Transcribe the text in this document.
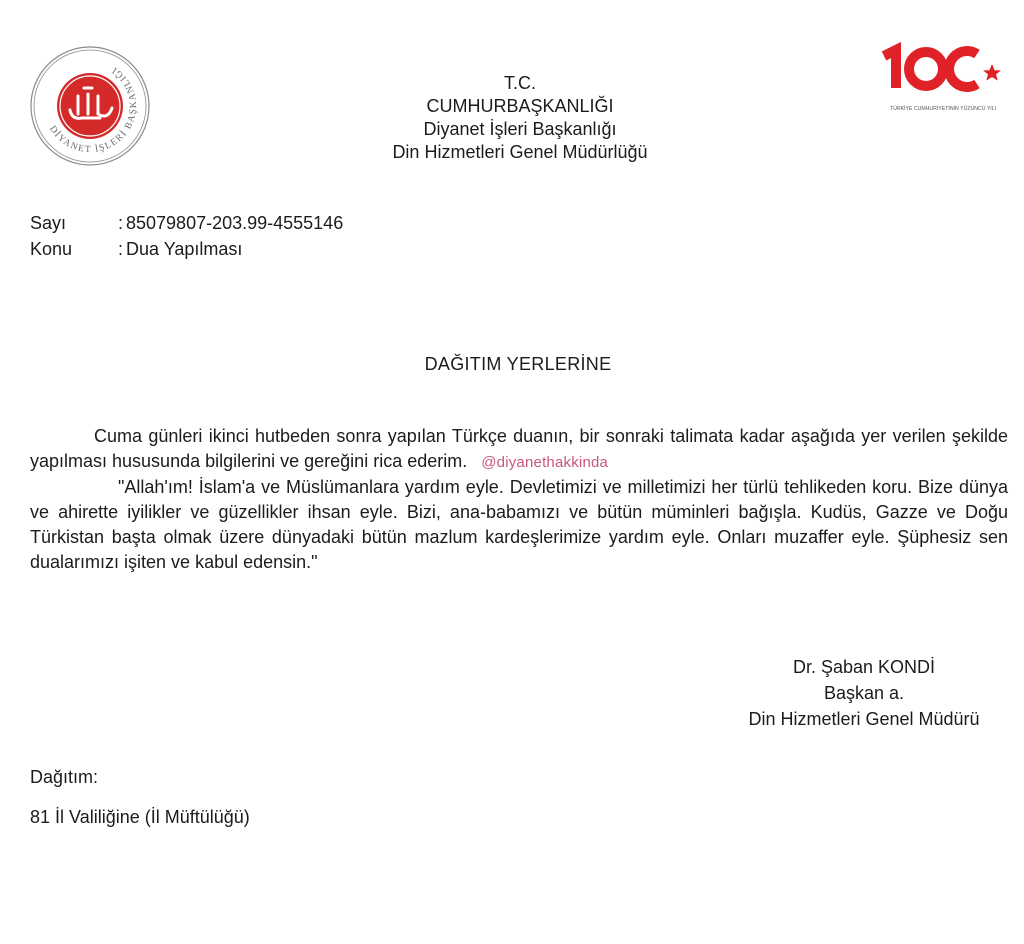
DİYANET İŞLERİ BAŞKANLIĞI
TÜRKİYE CUMHURİYETİNİN YÜZÜNCÜ YILI
T.C.
CUMHURBAŞKANLIĞI
Diyanet İşleri Başkanlığı
Din Hizmetleri Genel Müdürlüğü
Sayı	: 85079807-203.99-4555146
Konu	: Dua Yapılması
DAĞITIM YERLERİNE

Cuma günleri ikinci hutbeden sonra yapılan Türkçe duanın, bir sonraki talimata kadar aşağıda yer verilen şekilde yapılması hususunda bilgilerini ve gereğini rica ederim. @diyanethakkinda

"Allah'ım! İslam'a ve Müslümanlara yardım eyle. Devletimizi ve milletimizi her türlü tehlikeden koru. Bize dünya ve ahirette iyilikler ve güzellikler ihsan eyle. Bizi, ana-babamızı ve bütün müminleri bağışla. Kudüs, Gazze ve Doğu Türkistan başta olmak üzere dünyadaki bütün mazlum kardeşlerimize yardım eyle. Onları muzaffer eyle. Şüphesiz sen dualarımızı işiten ve kabul edensin."

Dr. Şaban KONDİ
Başkan a.
Din Hizmetleri Genel Müdürü
Dağıtım:
81 İl Valiliğine (İl Müftülüğü)
